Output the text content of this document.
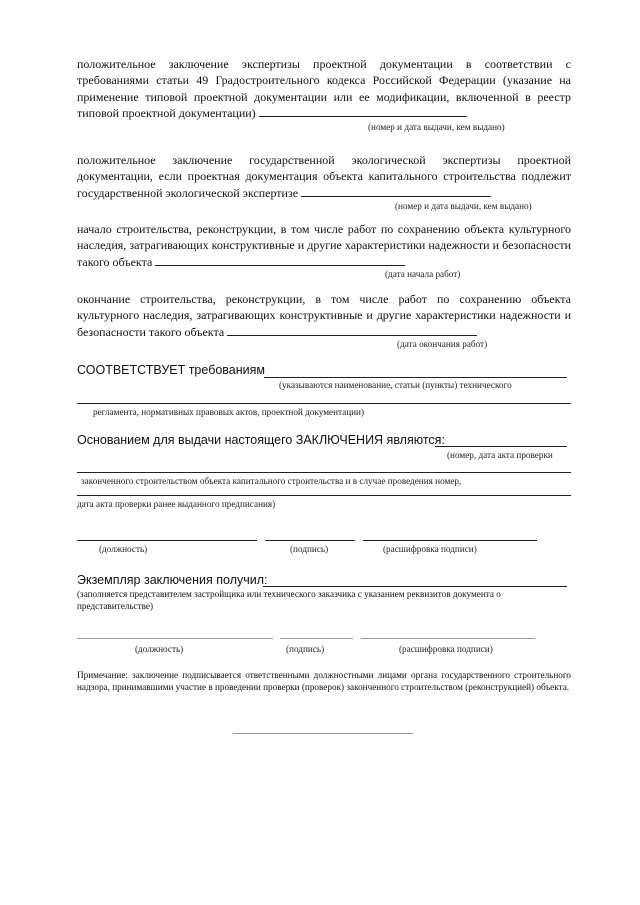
положительное заключение экспертизы проектной документации в соответствии с требованиями статьи 49 Градостроительного кодекса Российской Федерации (указание на применение типовой проектной документации или ее модификации, включенной в реестр типовой проектной документации)
(номер и дата выдачи, кем выдано)
положительное заключение государственной экологической экспертизы проектной документации, если проектная документация объекта капитального строительства подлежит государственной экологической экспертизе
(номер и дата выдачи, кем выдано)
начало строительства, реконструкции, в том числе работ по сохранению объекта культурного наследия, затрагивающих конструктивные и другие характеристики надежности и безопасности такого объекта
(дата начала работ)
окончание строительства, реконструкции, в том числе работ по сохранению объекта культурного наследия, затрагивающих конструктивные и другие характеристики надежности и безопасности такого объекта
(дата окончания работ)
СООТВЕТСТВУЕТ требованиям
(указываются наименование, статьи (пункты) технического
регламента, нормативных правовых актов, проектной документации)
Основанием для выдачи настоящего ЗАКЛЮЧЕНИЯ являются:
(номер, дата акта проверки
законченного строительством объекта капитального строительства и в случае проведения номер,
дата акта проверки ранее выданного предписания)
(должность)	(подпись)	(расшифровка подписи)
Экземпляр заключения получил:
(заполняется представителем застройщика или технического заказчика с указанием реквизитов документа о представительстве)
(должность)	(подпись)	(расшифровка подписи)
Примечание: заключение подписывается ответственными должностными лицами органа государственного строительного надзора, принимавшими участие в проведении проверки (проверок) законченного строительством (реконструкцией) объекта.
